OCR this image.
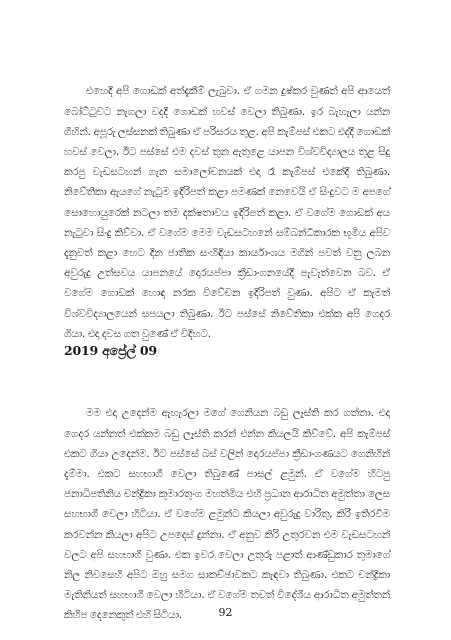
එහෙදී අපි ගොඩක් අත්දැකීම් ලැබුවා. ඒ ගමන දුෂ්කර වුණත් අපි ආයෙත් බෝට්ටුවට නැගලා වදදී ගොඩක් හවස් වෙලා තිබුණා. ඉර බැහැලා යන්න ගිහින්. අපූරු ලස්සනක් තිබුණා ඒ පරිසරය තුළ. අපි කැම්පස් එකට එද්දී ගොඩක් හවස් වෙලා. ඊට පස්සේ එම දවස් තුන ඇතුළෙ යාපන විශ්වවිද්‍යාලය තුළ සිදු කරපු වැඩසටහන් ගැන සමාලෝචනයක් එදා රෑ කැම්පස් එකේදී තිබුණා. නිවේතිකා ඇයගේ නැටුම ඉදිරිපත් කළා පමණක් නෙවෙයි ඒ සිංදුවට ම අපගේ සොහොයුරෙක් නටලා තම දක්ෂතාවය ඉදිරිපත් කළා. ඒ වගේම ගොඩක් අය නැටුවා සිංදු කිව්වා. ඒ වගේම මෙම වැඩසටහනේ සම්බන්ධීකාරක භූමිය අපිව දැනුවත් කළා හෙට දින ජාතික සංහිඳියා කාර්යාංශය මගින් පවත් වනු ලබන අවුරුදු උත්සවය යාපනයේ දොරයප්පා ක්‍රීඩාංගනයේදී පැවැත්වෙන බව. ඒ වගේම ගොඩක් හොඳ නරක විවේචන ඉදිරිපත් වුණා. අපිට ඒ කැමත් විශ්වවිද්‍යාලයෙන් සපයලා තිබුණා. ඊට පස්සේ නිවේතිකා එක්ක අපි ගෙදර ගියා. එදා දවස ගත වුණේ ඒ විදිහට.

2019 අප්‍රේල් 09

මම එදා උදෙන්ම ඇහැරලා මගේ ගෙනියන බඩු ලෑස්ති කර ගත්තා. එදා ගෙදර යන්නත් එක්කම බඩු ලෑස්ති කරන් එන්න කියලයි කිව්වේ. අපි කැම්පස් එකට ගියා උදෙන්ම. ඊට පස්සේ බස් වලින් දොරයප්පා ක්‍රීඩාංගණයට ගෙනිහින් දැම්මා. එකට සහභාගී වෙලා තිබුණේ පාසල් ළමුන්. ඒ වගේම හිටපු ජනාධිපතිනිය චන්ද්‍රිකා කුමාරතුංග මහත්මිය එහි ප්‍රධාන ආරාධිත අමුත්තා ලෙස සහභාගී වෙලා හිටියා. ඒ වගේම ළමුන්ට කියලා අවුරුදු වාරිතු, කිරි ඉතිරවීම කරවන්න කියලා අපිට උපදෙස් දුන්නා. ඒ අනුව කිරි උතුරවන එම වැඩසටහන් වලට අපි සහභාගී වුණා. එක ඉවර වෙලා උතුරු පළාත් ආණ්ඩුකාර තුමාගේ නිල නිවසෙහි අපිට ඔහු සමග සාකච්ඡාවකට කැඳවා තිබුණා. එකට චන්ද්‍රිකා මැතිනියත් සහභාගී වෙලා හිටියා. ඒ වගේම තවත් විදේශීය ආරාධිත අමුත්තන් කිහිප දෙනෙකුත් එහි සිටියා.	92
